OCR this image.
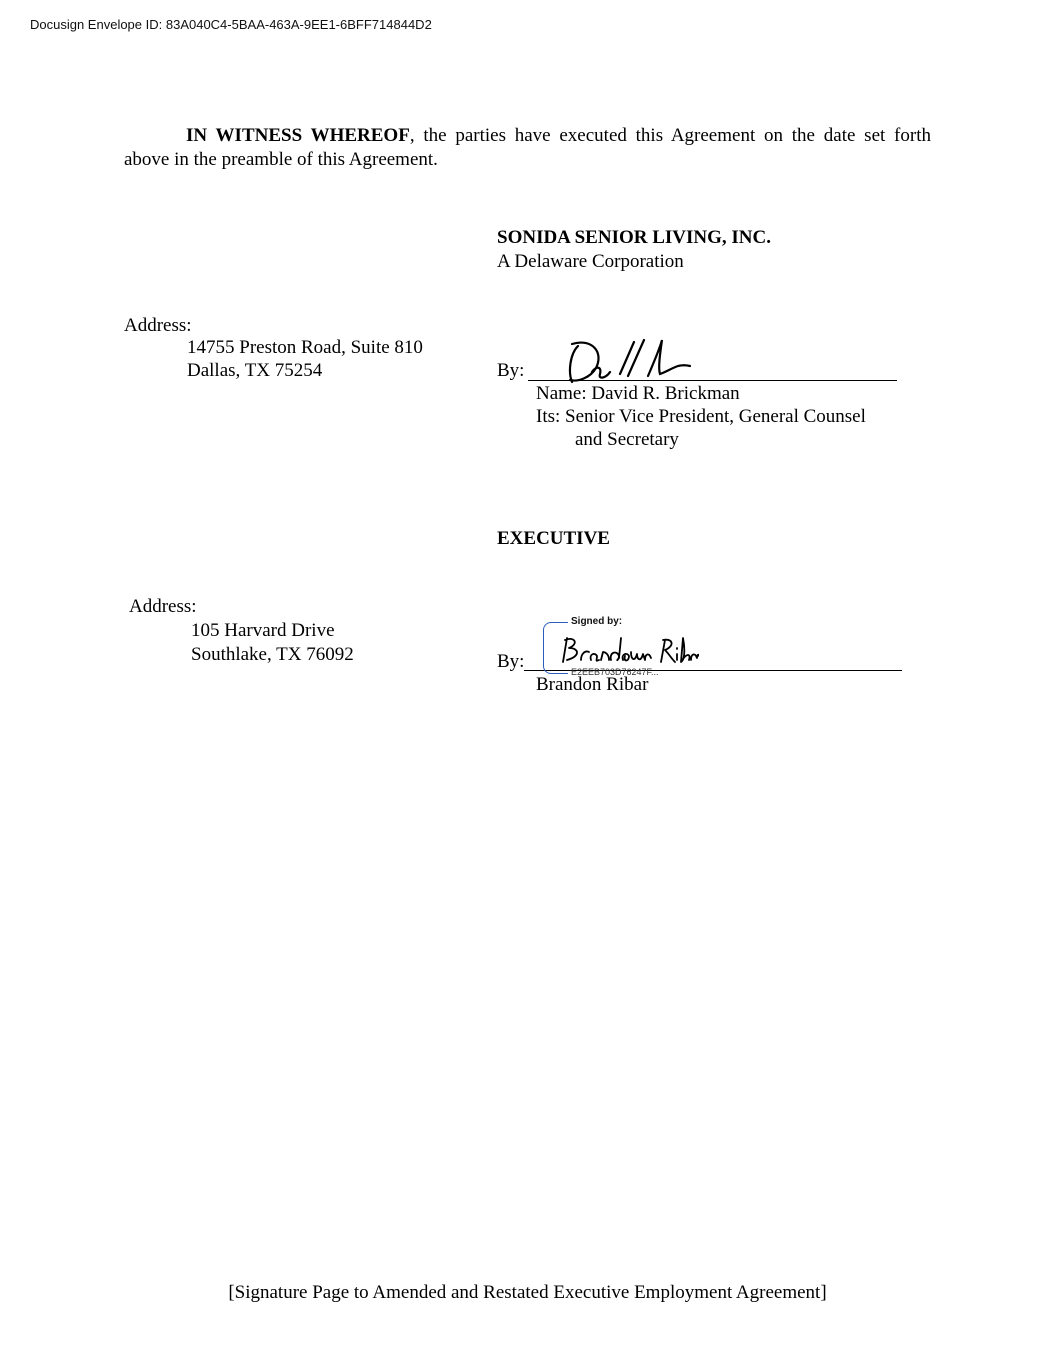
Docusign Envelope ID: 83A040C4-5BAA-463A-9EE1-6BFF714844D2
IN WITNESS WHEREOF, the parties have executed this Agreement on the date set forth
above in the preamble of this Agreement.
SONIDA SENIOR LIVING, INC.
A Delaware Corporation
Address:
14755 Preston Road, Suite 810
Dallas, TX 75254	By:
Name: David R. Brickman
Its: Senior Vice President, General Counsel
and Secretary
EXECUTIVE
Address:
105 Harvard Drive
Southlake, TX 76092	By:
Signed by:
E2EEB703D76247F...
Brandon Ribar
[Signature Page to Amended and Restated Executive Employment Agreement]
